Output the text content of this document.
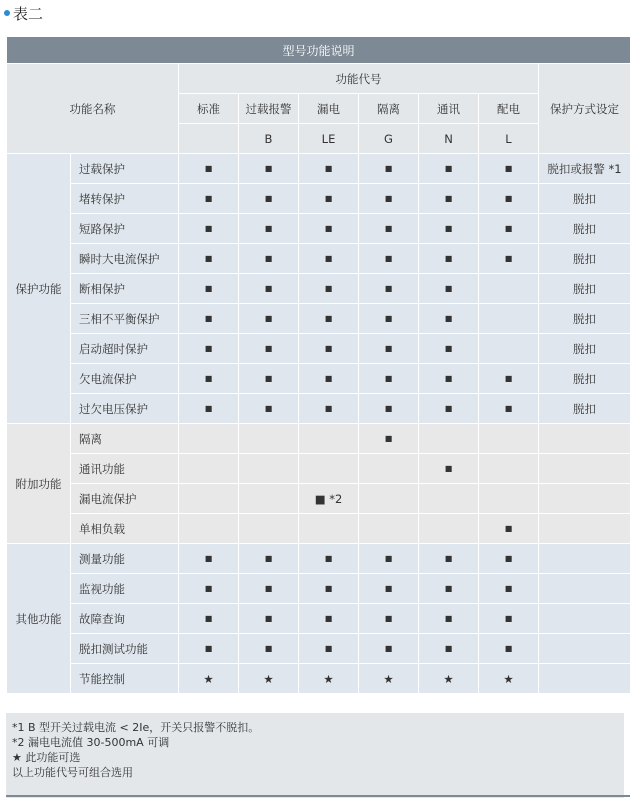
表二
型号功能说明								
功能名称		功能代号						保护方式设定
		标准	过载报警	漏电	隔离	通讯	配电	
			B	LE	G	N	L	
保护功能	过载保护	■	■	■	■	■	■	脱扣或报警 *1
	堵转保护	■	■	■	■	■	■	脱扣
	短路保护	■	■	■	■	■	■	脱扣
	瞬时大电流保护	■	■	■	■	■	■	脱扣
	断相保护	■	■	■	■	■		脱扣
	三相不平衡保护	■	■	■	■	■		脱扣
	启动超时保护	■	■	■	■	■		脱扣
	欠电流保护	■	■	■	■	■	■	脱扣
	过欠电压保护	■	■	■	■	■	■	脱扣
附加功能	隔离				■			
	通讯功能					■		
	漏电流保护			■ *2				
	单相负载						■	
其他功能	测量功能	■	■	■	■	■	■	
	监视功能	■	■	■	■	■	■	
	故障查询	■	■	■	■	■	■	
	脱扣测试功能	■	■	■	■	■	■	
	节能控制	★	★	★	★	★	★	
*1 B 型开关过载电流 < 2Ie，开关只报警不脱扣。
*2 漏电电流值 30-500mA 可调
★ 此功能可选
以上功能代号可组合选用
